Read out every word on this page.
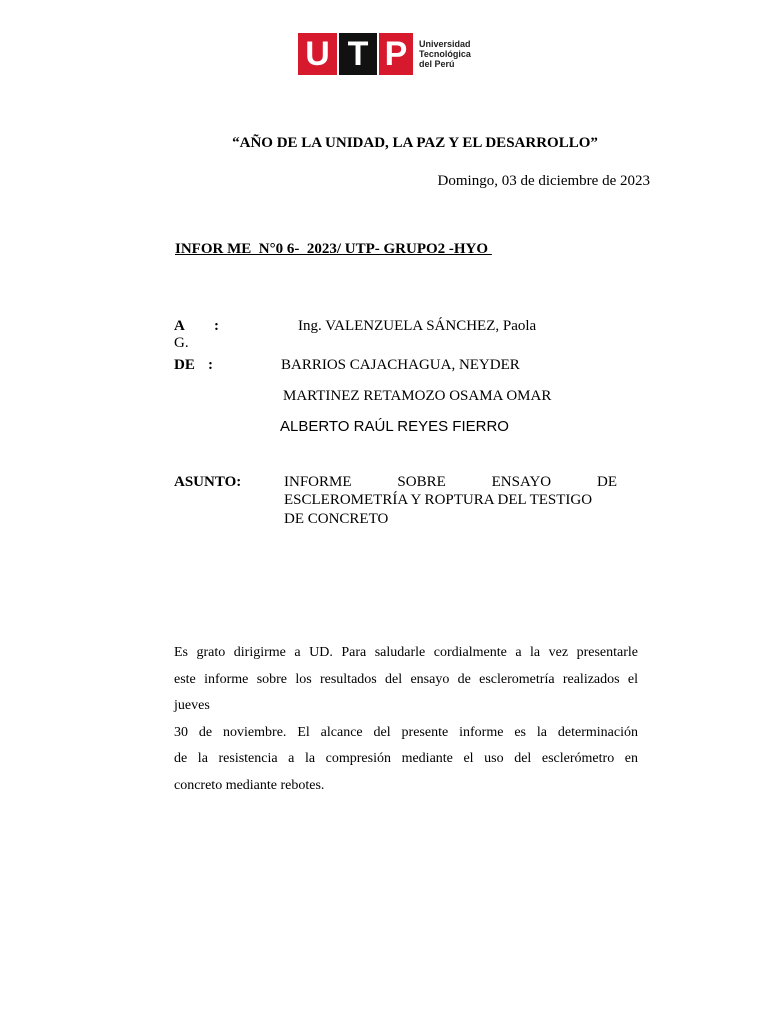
U T P	Universidad
Tecnológica
del Perú
“AÑO DE LA UNIDAD, LA PAZ Y EL DESARROLLO”
Domingo, 03 de diciembre de 2023
INFOR ME  N°0 6-  2023/ UTP- GRUPO2 -HYO
A :	Ing. VALENZUELA SÁNCHEZ, Paola
G.
DE :	BARRIOS CAJACHAGUA, NEYDER
MARTINEZ RETAMOZO OSAMA OMAR
ALBERTO RAÚL REYES FIERRO
ASUNTO:	INFORME SOBRE ENSAYO DE
ESCLEROMETRÍA Y ROPTURA DEL TESTIGO
DE CONCRETO
Es grato dirigirme a UD. Para saludarle cordialmente a la vez presentarle
este informe sobre los resultados del ensayo de esclerometría realizados el
jueves
30 de noviembre. El alcance del presente informe es la determinación
de la resistencia a la compresión mediante el uso del esclerómetro en
concreto mediante rebotes.
